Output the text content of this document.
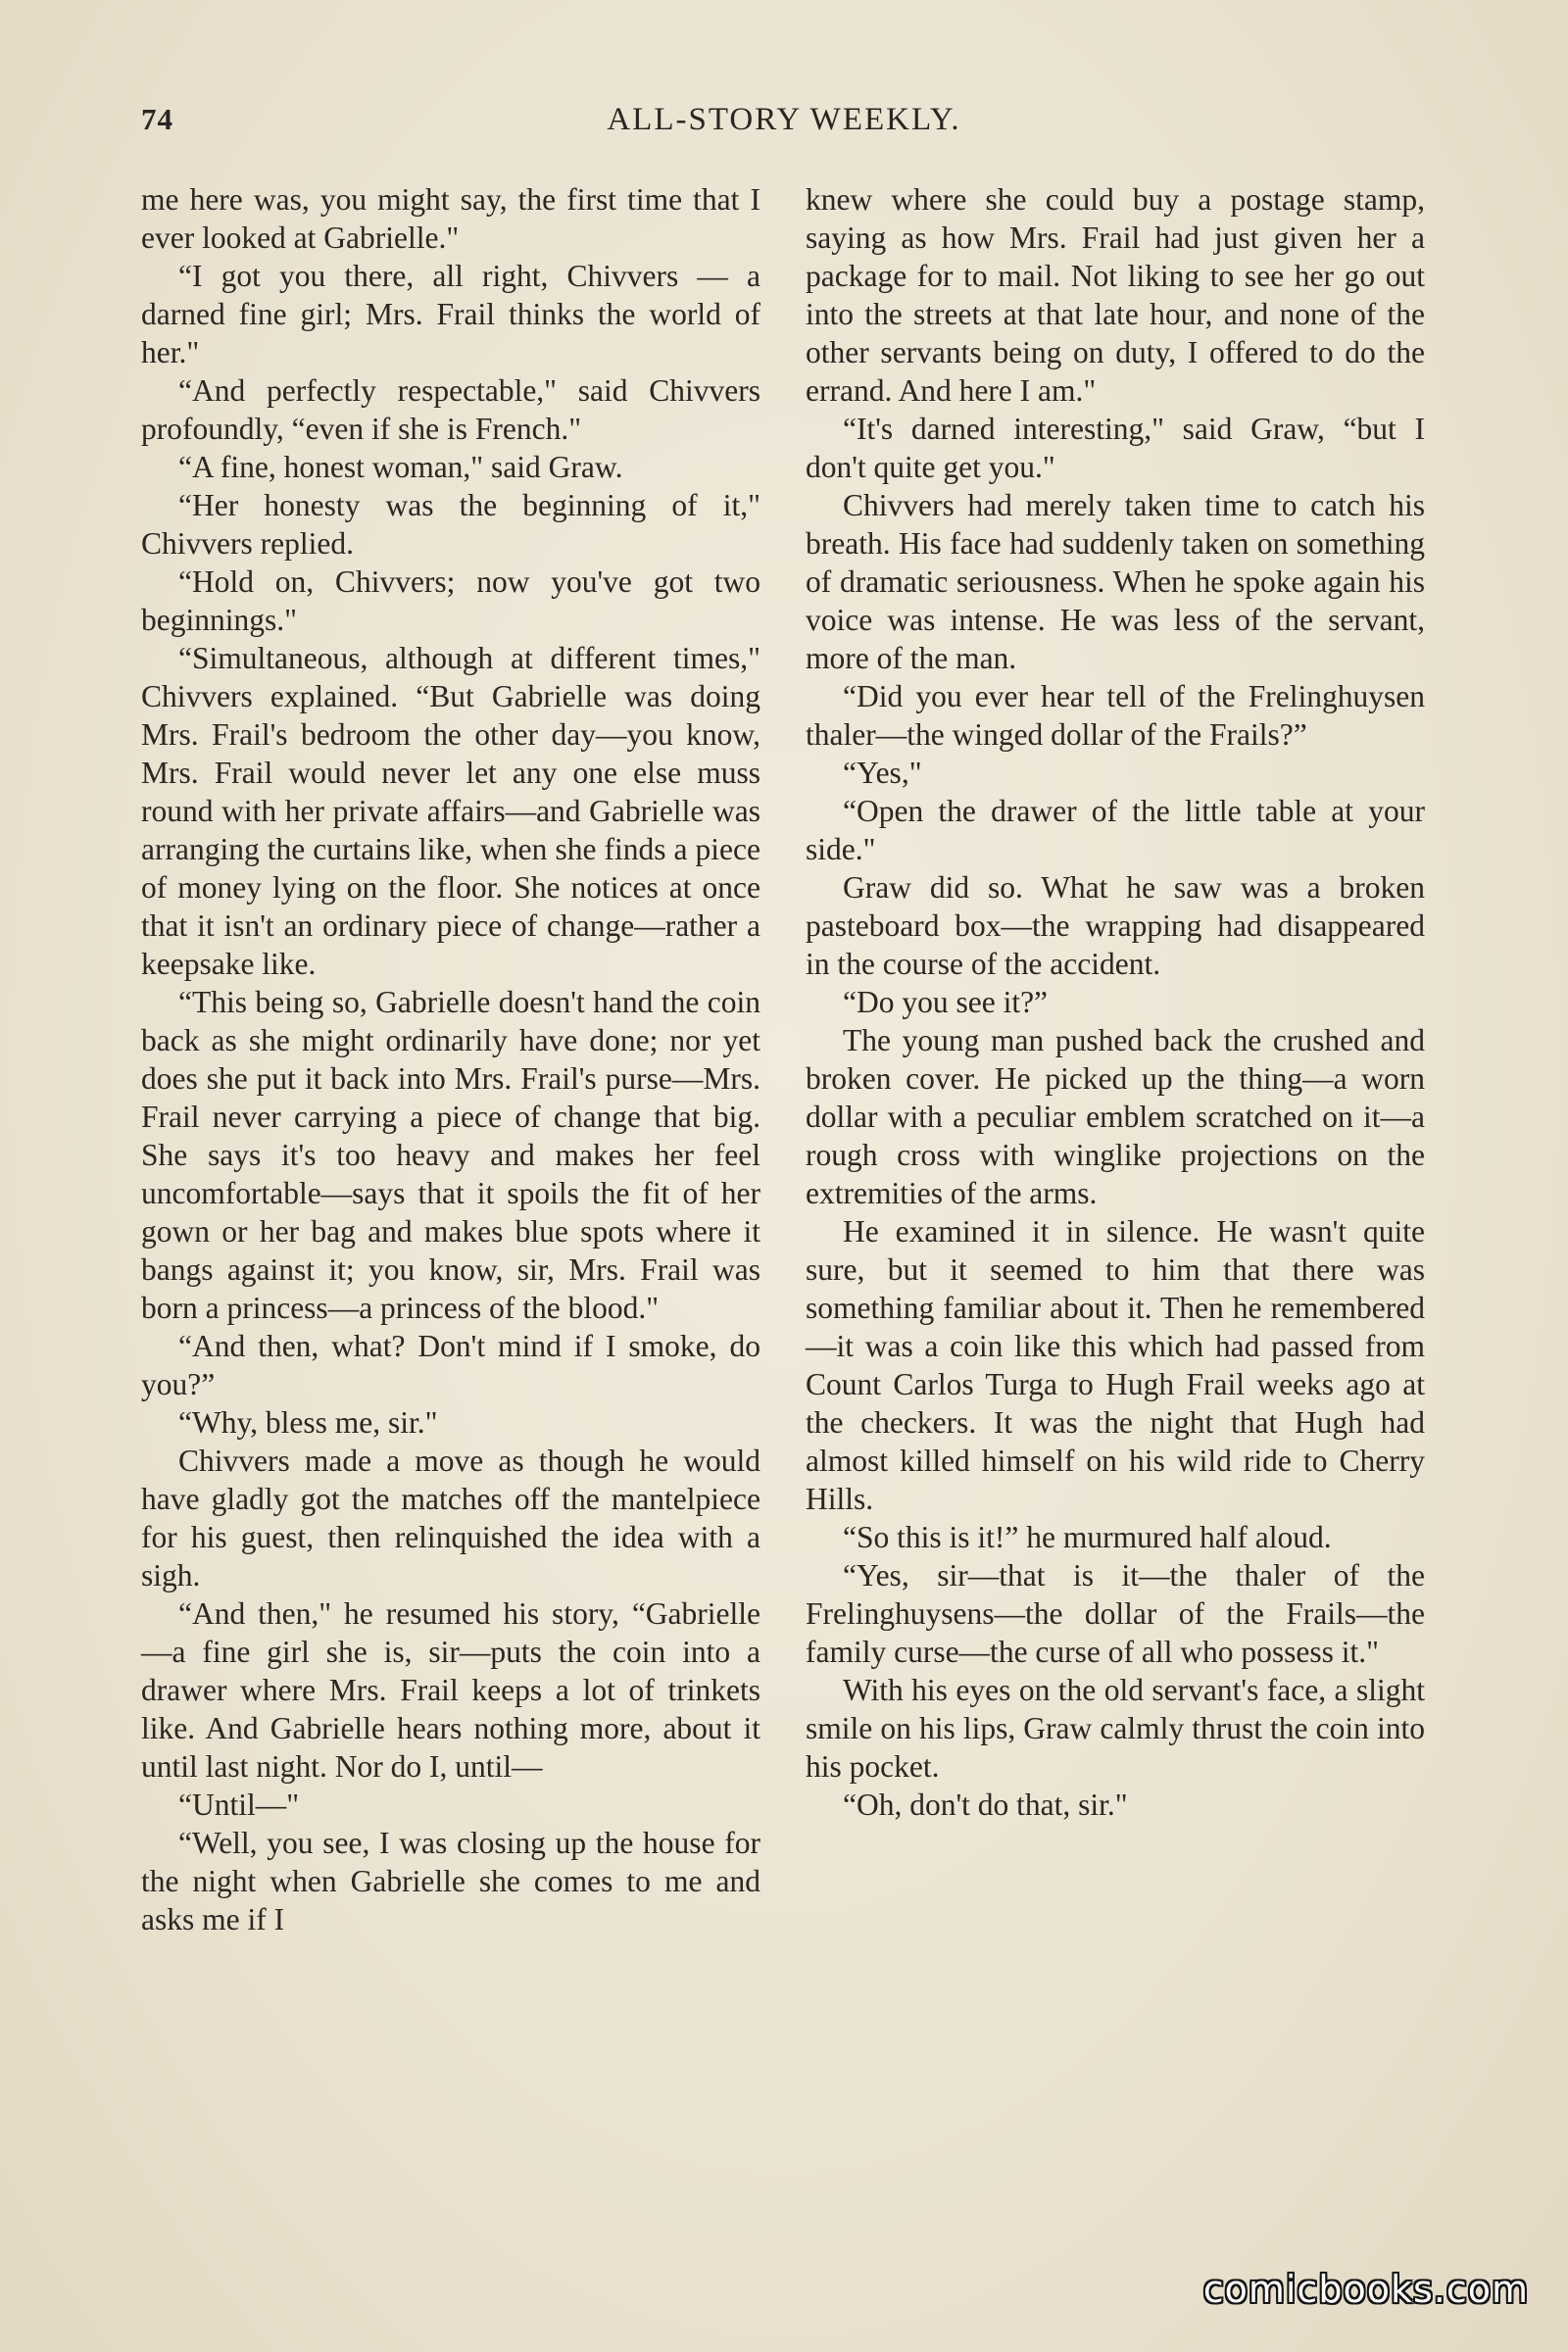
74	ALL-STORY WEEKLY.

me here was, you might say, the first time that I ever looked at Gabrielle."

“I got you there, all right, Chivvers — a darned fine girl; Mrs. Frail thinks the world of her."

“And perfectly respectable," said Chivvers profoundly, “even if she is French."

“A fine, honest woman," said Graw.

“Her honesty was the beginning of it," Chivvers replied.

“Hold on, Chivvers; now you've got two beginnings."

“Simultaneous, although at different times," Chivvers explained. “But Gabrielle was doing Mrs. Frail's bedroom the other day—you know, Mrs. Frail would never let any one else muss round with her private affairs—and Gabrielle was arranging the curtains like, when she finds a piece of money lying on the floor. She notices at once that it isn't an ordinary piece of change—rather a keepsake like.

“This being so, Gabrielle doesn't hand the coin back as she might ordinarily have done; nor yet does she put it back into Mrs. Frail's purse—Mrs. Frail never carrying a piece of change that big. She says it's too heavy and makes her feel uncomfortable—says that it spoils the fit of her gown or her bag and makes blue spots where it bangs against it; you know, sir, Mrs. Frail was born a princess—a princess of the blood."

“And then, what? Don't mind if I smoke, do you?”

“Why, bless me, sir."

Chivvers made a move as though he would have gladly got the matches off the mantelpiece for his guest, then relinquished the idea with a sigh.

“And then," he resumed his story, “Gabrielle—a fine girl she is, sir—puts the coin into a drawer where Mrs. Frail keeps a lot of trinkets like. And Gabrielle hears nothing more, about it until last night. Nor do I, until—

“Until—"

“Well, you see, I was closing up the house for the night when Gabrielle she comes to me and asks me if I

knew where she could buy a postage stamp, saying as how Mrs. Frail had just given her a package for to mail. Not liking to see her go out into the streets at that late hour, and none of the other servants being on duty, I offered to do the errand. And here I am."

“It's darned interesting," said Graw, “but I don't quite get you."

Chivvers had merely taken time to catch his breath. His face had suddenly taken on something of dramatic seriousness. When he spoke again his voice was intense. He was less of the servant, more of the man.

“Did you ever hear tell of the Frelinghuysen thaler—the winged dollar of the Frails?”

“Yes,"

“Open the drawer of the little table at your side."

Graw did so. What he saw was a broken pasteboard box—the wrapping had disappeared in the course of the accident.

“Do you see it?”

The young man pushed back the crushed and broken cover. He picked up the thing—a worn dollar with a peculiar emblem scratched on it—a rough cross with winglike projections on the extremities of the arms.

He examined it in silence. He wasn't quite sure, but it seemed to him that there was something familiar about it. Then he remembered—it was a coin like this which had passed from Count Carlos Turga to Hugh Frail weeks ago at the checkers. It was the night that Hugh had almost killed himself on his wild ride to Cherry Hills.

“So this is it!” he murmured half aloud.

“Yes, sir—that is it—the thaler of the Frelinghuysens—the dollar of the Frails—the family curse—the curse of all who possess it."

With his eyes on the old servant's face, a slight smile on his lips, Graw calmly thrust the coin into his pocket.

“Oh, don't do that, sir."

comicbooks.com
